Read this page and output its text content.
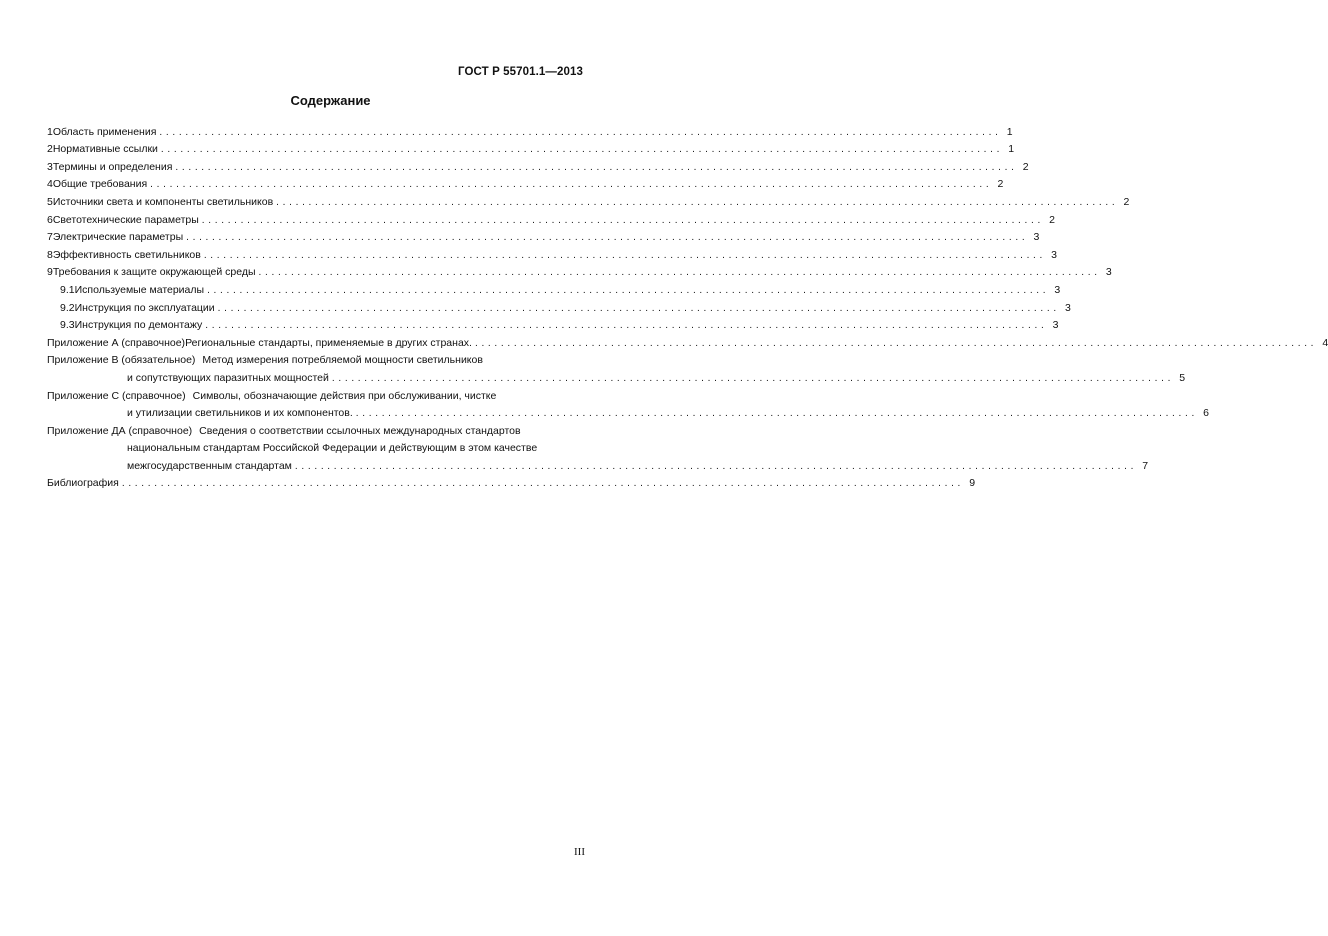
ГОСТ Р 55701.1—2013
Содержание
1 Область применения .................................................................................................................................. 1
2 Нормативные ссылки .................................................................................................................................. 1
3 Термины и определения .................................................................................................................................. 2
4 Общие требования .................................................................................................................................. 2
5 Источники света и компоненты светильников .................................................................................................................................. 2
6 Светотехнические параметры .................................................................................................................................. 2
7 Электрические параметры .................................................................................................................................. 3
8 Эффективность светильников .................................................................................................................................. 3
9 Требования к защите окружающей среды .................................................................................................................................. 3
9.1 Используемые материалы .................................................................................................................................. 3
9.2 Инструкция по эксплуатации .................................................................................................................................. 3
9.3 Инструкция по демонтажу .................................................................................................................................. 3
Приложение А (справочное) Региональные стандарты, применяемые в других странах. .................................................................................................................................. 4
Приложение В (обязательное) Метод измерения потребляемой мощности светильников
и сопутствующих паразитных мощностей .................................................................................................................................. 5
Приложение С (справочное) Символы, обозначающие действия при обслуживании, чистке
и утилизации светильников и их компонентов. .................................................................................................................................. 6
Приложение ДА (справочное) Сведения о соответствии ссылочных международных стандартов
национальным стандартам Российской Федерации и действующим в этом качестве
межгосударственным стандартам .................................................................................................................................. 7
Библиография .................................................................................................................................. 9
III
